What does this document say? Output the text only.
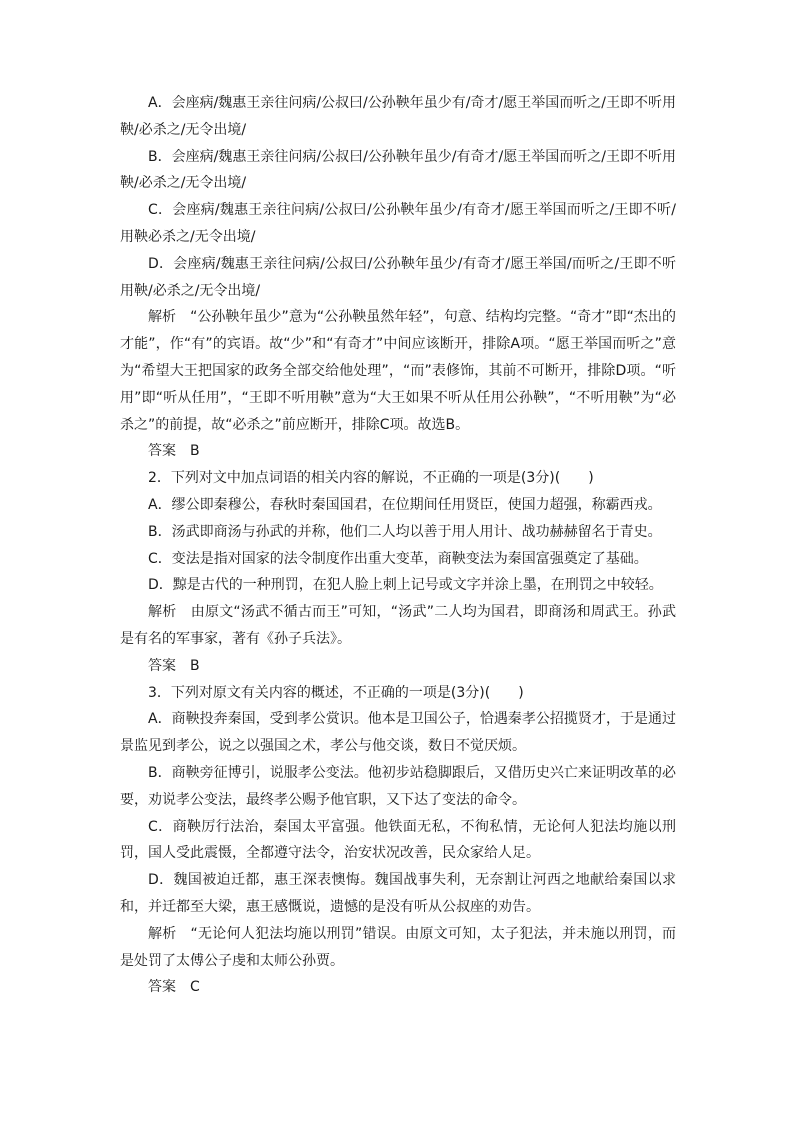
A．会座病/魏惠王亲往问病/公叔曰/公孙鞅年虽少有/奇才/愿王举国而听之/王即不听用鞅/必杀之/无令出境/

B．会座病/魏惠王亲往问病/公叔曰/公孙鞅年虽少/有奇才/愿王举国而听之/王即不听用鞅/必杀之/无令出境/

C．会座病/魏惠王亲往问病/公叔曰/公孙鞅年虽少/有奇才/愿王举国而听之/王即不听/用鞅必杀之/无令出境/

D．会座病/魏惠王亲往问病/公叔曰/公孙鞅年虽少/有奇才/愿王举国/而听之/王即不听用鞅/必杀之/无令出境/

解析 “公孙鞅年虽少”意为“公孙鞅虽然年轻”，句意、结构均完整。“奇才”即“杰出的才能”，作“有”的宾语。故“少”和“有奇才”中间应该断开，排除A项。“愿王举国而听之”意为“希望大王把国家的政务全部交给他处理”，“而”表修饰，其前不可断开，排除D项。“听用”即“听从任用”，“王即不听用鞅”意为“大王如果不听从任用公孙鞅”，“不听用鞅”为“必杀之”的前提，故“必杀之”前应断开，排除C项。故选B。

答案 B

2．下列对文中加点词语的相关内容的解说，不正确的一项是(3分)(　　)

A．缪公即秦穆公，春秋时秦国国君，在位期间任用贤臣，使国力超强，称霸西戎。

B．汤武即商汤与孙武的并称，他们二人均以善于用人用计、战功赫赫留名于青史。

C．变法是指对国家的法令制度作出重大变革，商鞅变法为秦国富强奠定了基础。

D．黥是古代的一种刑罚，在犯人脸上刺上记号或文字并涂上墨，在刑罚之中较轻。

解析 由原文“汤武不循古而王”可知，“汤武”二人均为国君，即商汤和周武王。孙武是有名的军事家，著有《孙子兵法》。

答案 B

3．下列对原文有关内容的概述，不正确的一项是(3分)(　　)

A．商鞅投奔秦国，受到孝公赏识。他本是卫国公子，恰遇秦孝公招揽贤才，于是通过景监见到孝公，说之以强国之术，孝公与他交谈，数日不觉厌烦。

B．商鞅旁征博引，说服孝公变法。他初步站稳脚跟后，又借历史兴亡来证明改革的必要，劝说孝公变法，最终孝公赐予他官职，又下达了变法的命令。

C．商鞅厉行法治，秦国太平富强。他铁面无私，不徇私情，无论何人犯法均施以刑罚，国人受此震慑，全都遵守法令，治安状况改善，民众家给人足。

D．魏国被迫迁都，惠王深表懊悔。魏国战事失利，无奈割让河西之地献给秦国以求和，并迁都至大梁，惠王感慨说，遗憾的是没有听从公叔座的劝告。

解析 “无论何人犯法均施以刑罚”错误。由原文可知，太子犯法，并未施以刑罚，而是处罚了太傅公子虔和太师公孙贾。

答案 C
